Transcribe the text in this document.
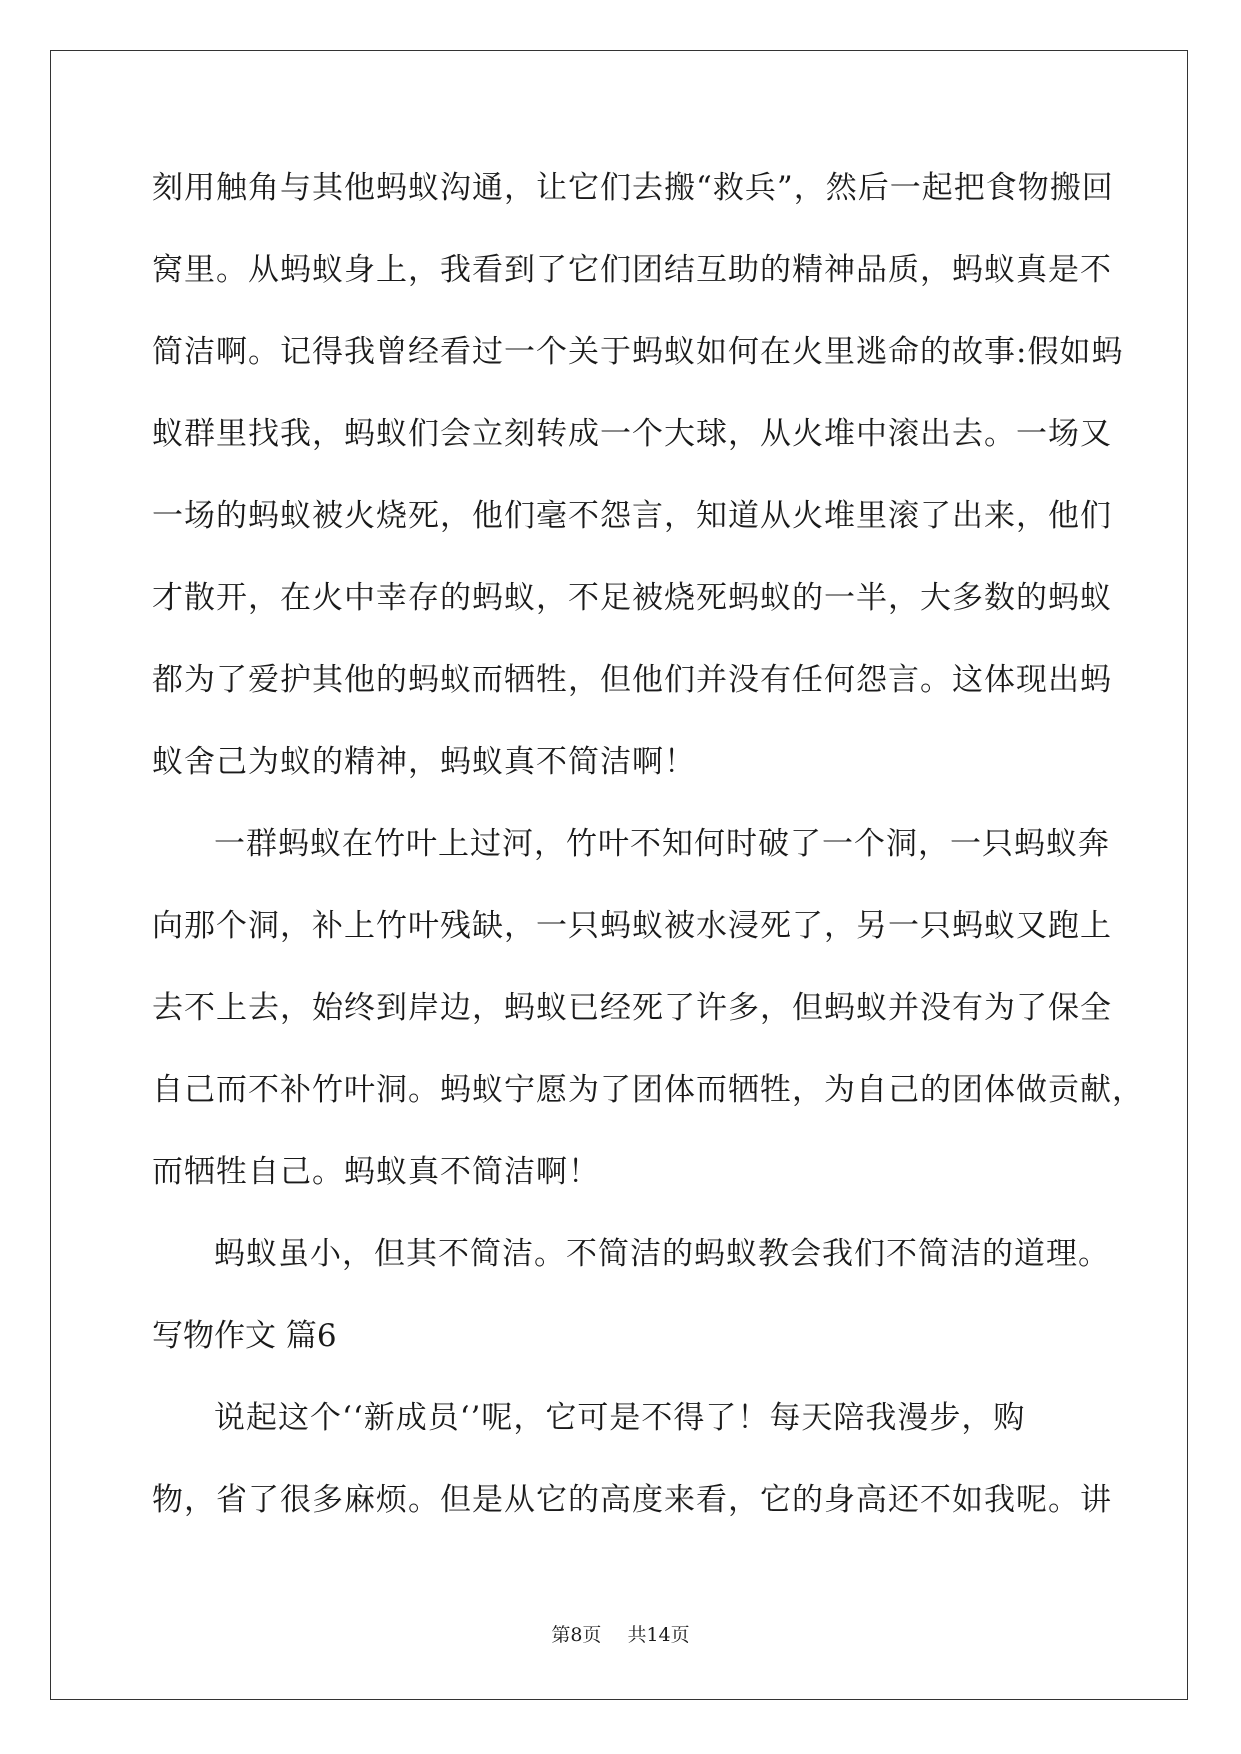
刻用触角与其他蚂蚁沟通，让它们去搬“救兵”，然后一起把食物搬回
窝里。从蚂蚁身上，我看到了它们团结互助的精神品质，蚂蚁真是不
简洁啊。记得我曾经看过一个关于蚂蚁如何在火里逃命的故事:假如蚂
蚁群里找我，蚂蚁们会立刻转成一个大球，从火堆中滚出去。一场又
一场的蚂蚁被火烧死，他们毫不怨言，知道从火堆里滚了出来，他们
才散开，在火中幸存的蚂蚁，不足被烧死蚂蚁的一半，大多数的蚂蚁
都为了爱护其他的蚂蚁而牺牲，但他们并没有任何怨言。这体现出蚂
蚁舍己为蚁的精神，蚂蚁真不简洁啊！
一群蚂蚁在竹叶上过河，竹叶不知何时破了一个洞，一只蚂蚁奔
向那个洞，补上竹叶残缺，一只蚂蚁被水浸死了，另一只蚂蚁又跑上
去不上去，始终到岸边，蚂蚁已经死了许多，但蚂蚁并没有为了保全
自己而不补竹叶洞。蚂蚁宁愿为了团体而牺牲，为自己的团体做贡献，
而牺牲自己。蚂蚁真不简洁啊！
蚂蚁虽小，但其不简洁。不简洁的蚂蚁教会我们不简洁的道理。
写物作文 篇6
说起这个‘‘新成员‘’呢，它可是不得了！每天陪我漫步，购
物，省了很多麻烦。但是从它的高度来看，它的身高还不如我呢。讲
第8页 共14页
